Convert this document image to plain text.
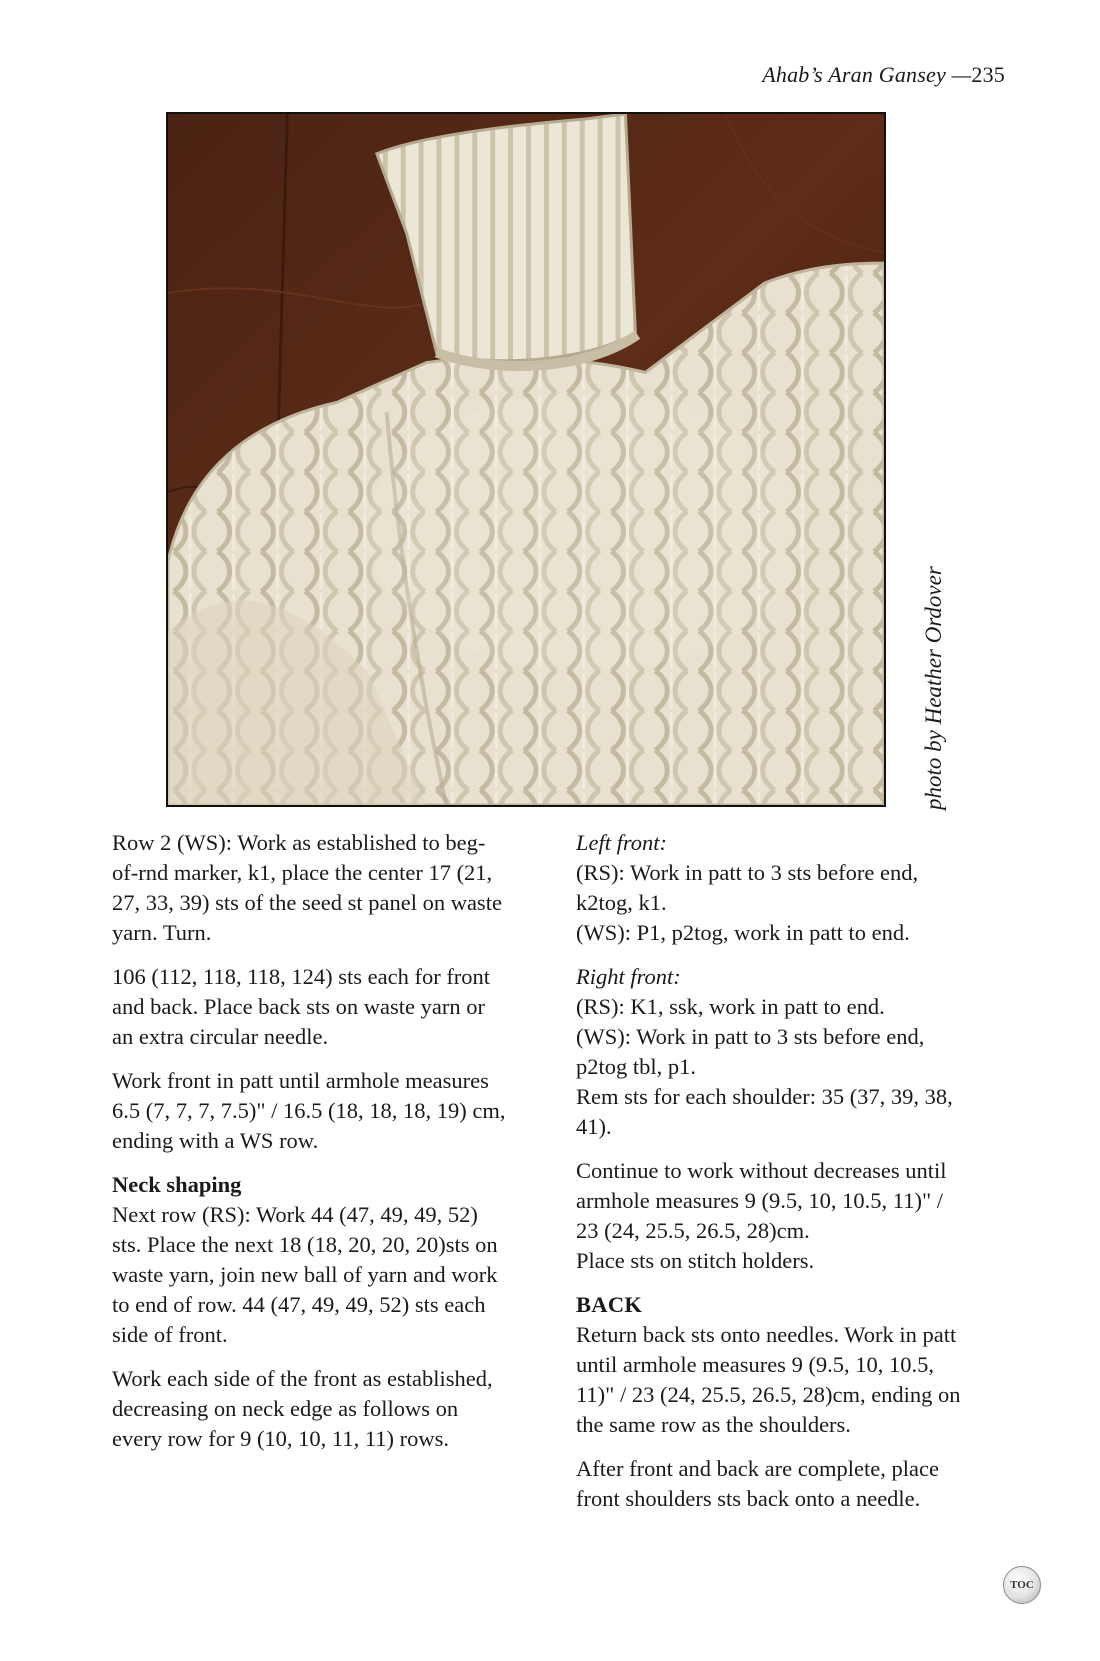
Ahab’s Aran Gansey —235
photo by Heather Ordover

Row 2 (WS): Work as established to beg-
of-rnd marker, k1, place the center 17 (21,
27, 33, 39) sts of the seed st panel on waste
yarn. Turn.

106 (112, 118, 118, 124) sts each for front
and back. Place back sts on waste yarn or
an extra circular needle.

Work front in patt until armhole measures
6.5 (7, 7, 7, 7.5)" / 16.5 (18, 18, 18, 19) cm,
ending with a WS row.

Neck shaping
Next row (RS): Work 44 (47, 49, 49, 52)
sts. Place the next 18 (18, 20, 20, 20)sts on
waste yarn, join new ball of yarn and work
to end of row. 44 (47, 49, 49, 52) sts each
side of front.

Work each side of the front as established,
decreasing on neck edge as follows on
every row for 9 (10, 10, 11, 11) rows.

Left front:
(RS): Work in patt to 3 sts before end,
k2tog, k1.
(WS): P1, p2tog, work in patt to end.

Right front:
(RS): K1, ssk, work in patt to end.
(WS): Work in patt to 3 sts before end,
p2tog tbl, p1.
Rem sts for each shoulder: 35 (37, 39, 38,
41).

Continue to work without decreases until
armhole measures 9 (9.5, 10, 10.5, 11)" /
23 (24, 25.5, 26.5, 28)cm.
Place sts on stitch holders.

BACK
Return back sts onto needles. Work in patt
until armhole measures 9 (9.5, 10, 10.5,
11)" / 23 (24, 25.5, 26.5, 28)cm, ending on
the same row as the shoulders.

After front and back are complete, place
front shoulders sts back onto a needle.

TOC
